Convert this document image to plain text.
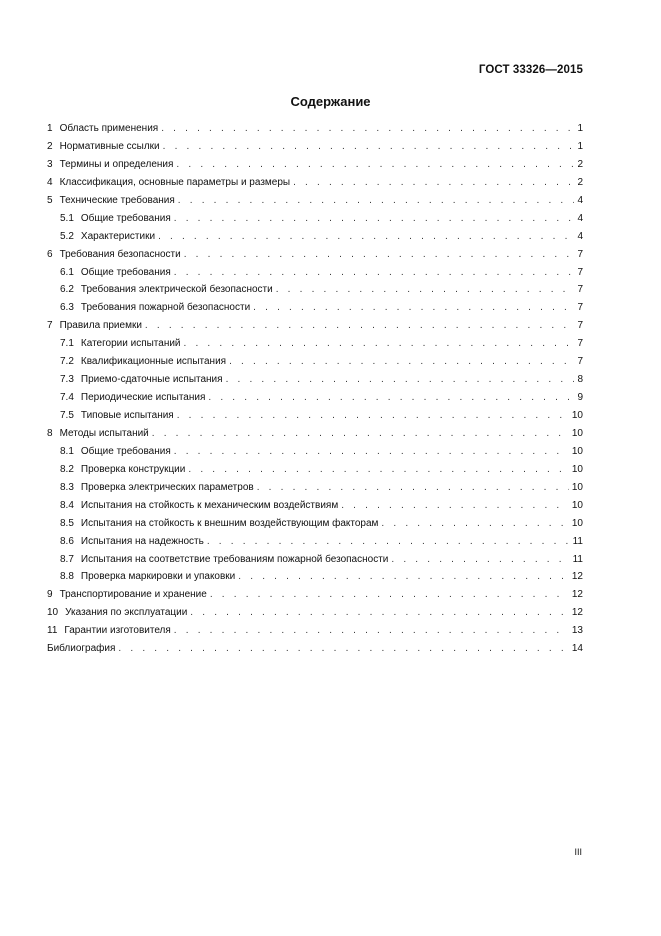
ГОСТ 33326—2015
Содержание
1 Область применения . . .	1
2 Нормативные ссылки . . .	1
3 Термины и определения . . .	2
4 Классификация, основные параметры и размеры . . .	2
5 Технические требования . . .	4
5.1 Общие требования . . .	4
5.2 Характеристики . . .	4
6 Требования безопасности . . .	7
6.1 Общие требования . . .	7
6.2 Требования электрической безопасности . . .	7
6.3 Требования пожарной безопасности . . .	7
7 Правила приемки . . .	7
7.1 Категории испытаний . . .	7
7.2 Квалификационные испытания . . .	7
7.3 Приемо-сдаточные испытания . . .	8
7.4 Периодические испытания . . .	9
7.5 Типовые испытания . . .	10
8 Методы испытаний . . .	10
8.1 Общие требования . . .	10
8.2 Проверка конструкции . . .	10
8.3 Проверка электрических параметров . . .	10
8.4 Испытания на стойкость к механическим воздействиям . . .	10
8.5 Испытания на стойкость к внешним воздействующим факторам . . .	10
8.6 Испытания на надежность . . .	11
8.7 Испытания на соответствие требованиям пожарной безопасности . . .	11
8.8 Проверка маркировки и упаковки . . .	12
9 Транспортирование и хранение . . .	12
10 Указания по эксплуатации . . .	12
11 Гарантии изготовителя . . .	13
Библиография . . .	14
III
